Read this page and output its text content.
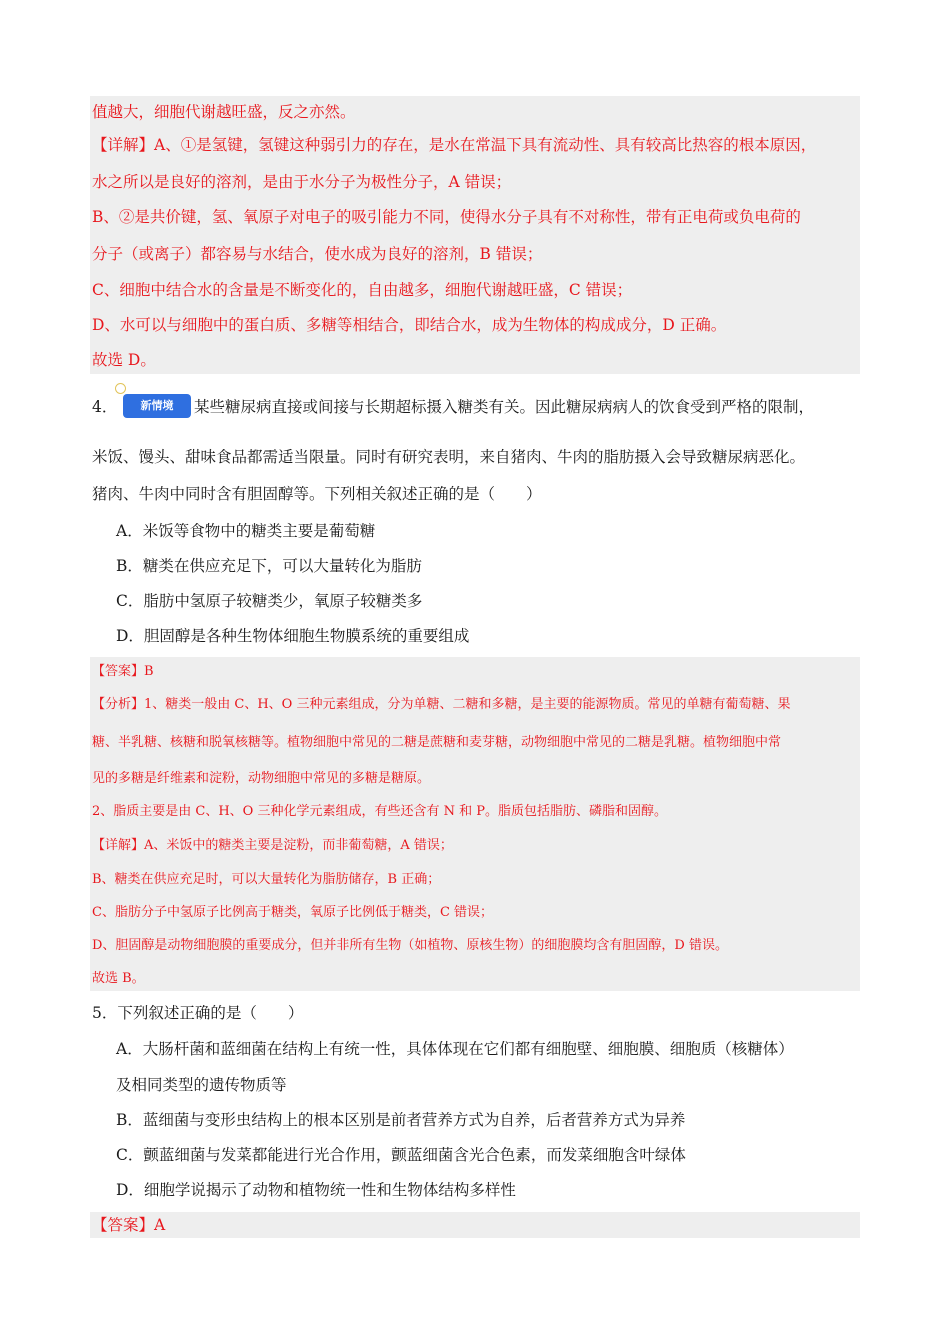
值越大，细胞代谢越旺盛，反之亦然。
【详解】A、①是氢键，氢键这种弱引力的存在，是水在常温下具有流动性、具有较高比热容的根本原因，
水之所以是良好的溶剂，是由于水分子为极性分子，A 错误；
B、②是共价键，氢、氧原子对电子的吸引能力不同，使得水分子具有不对称性，带有正电荷或负电荷的
分子（或离子）都容易与水结合，使水成为良好的溶剂，B 错误；
C、细胞中结合水的含量是不断变化的，自由越多，细胞代谢越旺盛，C 错误；
D、水可以与细胞中的蛋白质、多糖等相结合，即结合水，成为生物体的构成成分，D 正确。
故选 D。
4．	新情境	某些糖尿病直接或间接与长期超标摄入糖类有关。因此糖尿病病人的饮食受到严格的限制，
米饭、馒头、甜味食品都需适当限量。同时有研究表明，来自猪肉、牛肉的脂肪摄入会导致糖尿病恶化。
猪肉、牛肉中同时含有胆固醇等。下列相关叙述正确的是（　　）
A．米饭等食物中的糖类主要是葡萄糖
B．糖类在供应充足下，可以大量转化为脂肪
C．脂肪中氢原子较糖类少，氧原子较糖类多
D．胆固醇是各种生物体细胞生物膜系统的重要组成
【答案】B
【分析】1、糖类一般由 C、H、O 三种元素组成，分为单糖、二糖和多糖，是主要的能源物质。常见的单糖有葡萄糖、果
糖、半乳糖、核糖和脱氧核糖等。植物细胞中常见的二糖是蔗糖和麦芽糖，动物细胞中常见的二糖是乳糖。植物细胞中常
见的多糖是纤维素和淀粉，动物细胞中常见的多糖是糖原。
2、脂质主要是由 C、H、O 三种化学元素组成，有些还含有 N 和 P。脂质包括脂肪、磷脂和固醇。
【详解】A、米饭中的糖类主要是淀粉，而非葡萄糖，A 错误；
B、糖类在供应充足时，可以大量转化为脂肪储存，B 正确；
C、脂肪分子中氢原子比例高于糖类，氧原子比例低于糖类，C 错误；
D、胆固醇是动物细胞膜的重要成分，但并非所有生物（如植物、原核生物）的细胞膜均含有胆固醇，D 错误。
故选 B。
5．下列叙述正确的是（　　）
A．大肠杆菌和蓝细菌在结构上有统一性，具体体现在它们都有细胞壁、细胞膜、细胞质（核糖体）
及相同类型的遗传物质等
B．蓝细菌与变形虫结构上的根本区别是前者营养方式为自养，后者营养方式为异养
C．颤蓝细菌与发菜都能进行光合作用，颤蓝细菌含光合色素，而发菜细胞含叶绿体
D．细胞学说揭示了动物和植物统一性和生物体结构多样性
【答案】A
